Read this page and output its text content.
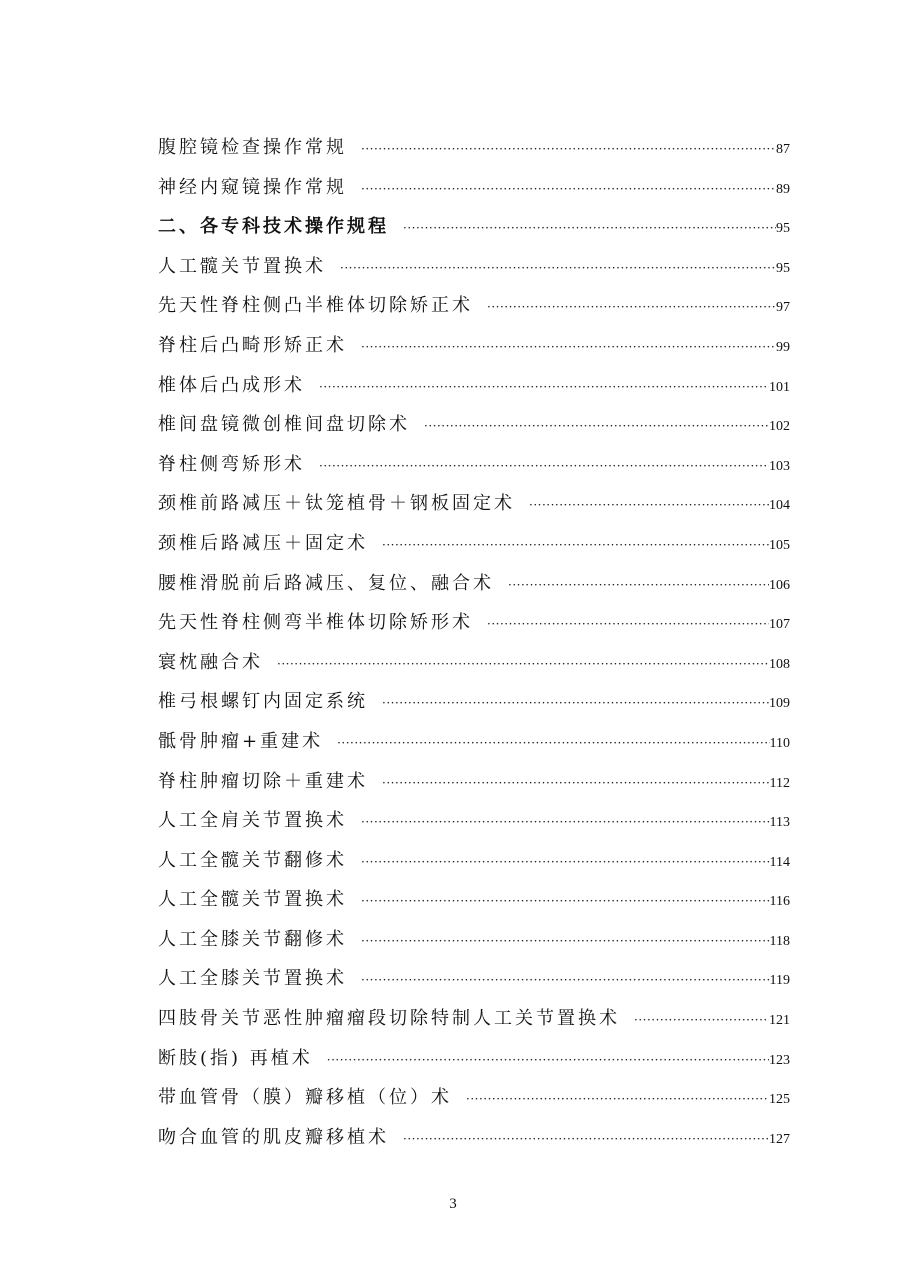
腹腔镜检查操作常规 ·····	87
神经内窥镜操作常规 ·····	89
二、各专科技术操作规程 ·····	95
人工髋关节置换术 ·····	95
先天性脊柱侧凸半椎体切除矫正术 ·····	97
脊柱后凸畸形矫正术 ·····	99
椎体后凸成形术 ·····	101
椎间盘镜微创椎间盘切除术 ·····	102
脊柱侧弯矫形术 ·····	103
颈椎前路减压＋钛笼植骨＋钢板固定术 ·····	104
颈椎后路减压＋固定术 ·····	105
腰椎滑脱前后路减压、复位、融合术 ·····	106
先天性脊柱侧弯半椎体切除矫形术 ·····	107
寰枕融合术 ·····	108
椎弓根螺钉内固定系统 ·····	109
骶骨肿瘤+重建术 ·····	110
脊柱肿瘤切除＋重建术 ·····	112
人工全肩关节置换术 ·····	113
人工全髋关节翻修术 ·····	114
人工全髋关节置换术 ·····	116
人工全膝关节翻修术 ·····	118
人工全膝关节置换术 ·····	119
四肢骨关节恶性肿瘤瘤段切除特制人工关节置换术 ·····	121
断肢(指) 再植术 ·····	123
带血管骨（膜）瓣移植（位）术 ·····	125
吻合血管的肌皮瓣移植术 ·····	127
3
